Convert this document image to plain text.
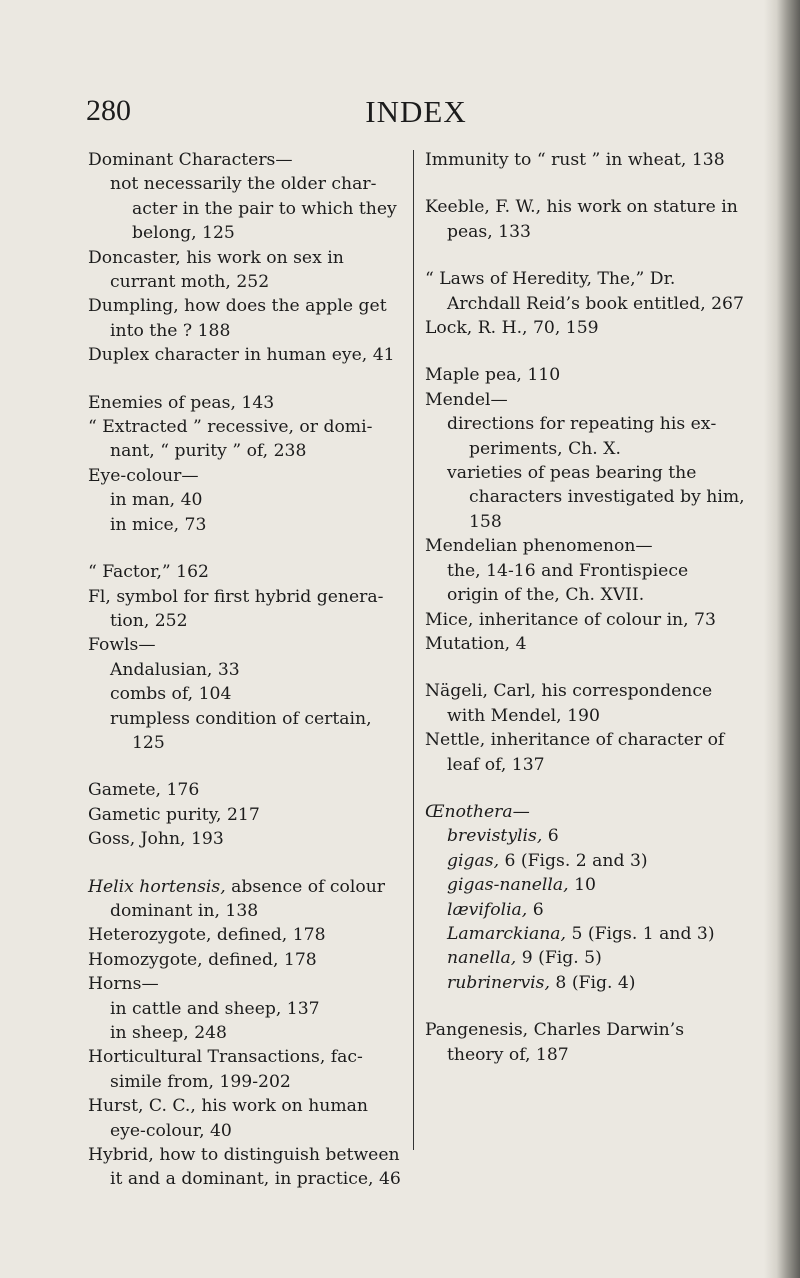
280	INDEX
Dominant Characters—
not necessarily the older character in the pair to which they belong, 125
Doncaster, his work on sex in currant moth, 252
Dumpling, how does the apple get into the ? 188
Duplex character in human eye, 41
Enemies of peas, 143
“ Extracted ” recessive, or dominant, “ purity ” of, 238
Eye-colour—
in man, 40
in mice, 73
“ Factor,” 162
Fl, symbol for first hybrid generation, 252
Fowls—
Andalusian, 33
combs of, 104
rumpless condition of certain, 125
Gamete, 176
Gametic purity, 217
Goss, John, 193
Helix hortensis, absence of colour dominant in, 138
Heterozygote, defined, 178
Homozygote, defined, 178
Horns—
in cattle and sheep, 137
in sheep, 248
Horticultural Transactions, facsimile from, 199-202
Hurst, C. C., his work on human eye-colour, 40
Hybrid, how to distinguish between it and a dominant, in practice, 46
Immunity to “ rust ” in wheat, 138
Keeble, F. W., his work on stature in peas, 133
“ Laws of Heredity, The,” Dr. Archdall Reid’s book entitled, 267
Lock, R. H., 70, 159
Maple pea, 110
Mendel—
directions for repeating his experiments, Ch. X.
varieties of peas bearing the characters investigated by him, 158
Mendelian phenomenon—
the, 14-16 and Frontispiece
origin of the, Ch. XVII.
Mice, inheritance of colour in, 73
Mutation, 4
Nägeli, Carl, his correspondence with Mendel, 190
Nettle, inheritance of character of leaf of, 137
Œnothera—
brevistylis, 6
gigas, 6 (Figs. 2 and 3)
gigas-nanella, 10
lævifolia, 6
Lamarckiana, 5 (Figs. 1 and 3)
nanella, 9 (Fig. 5)
rubrinervis, 8 (Fig. 4)
Pangenesis, Charles Darwin’s theory of, 187
